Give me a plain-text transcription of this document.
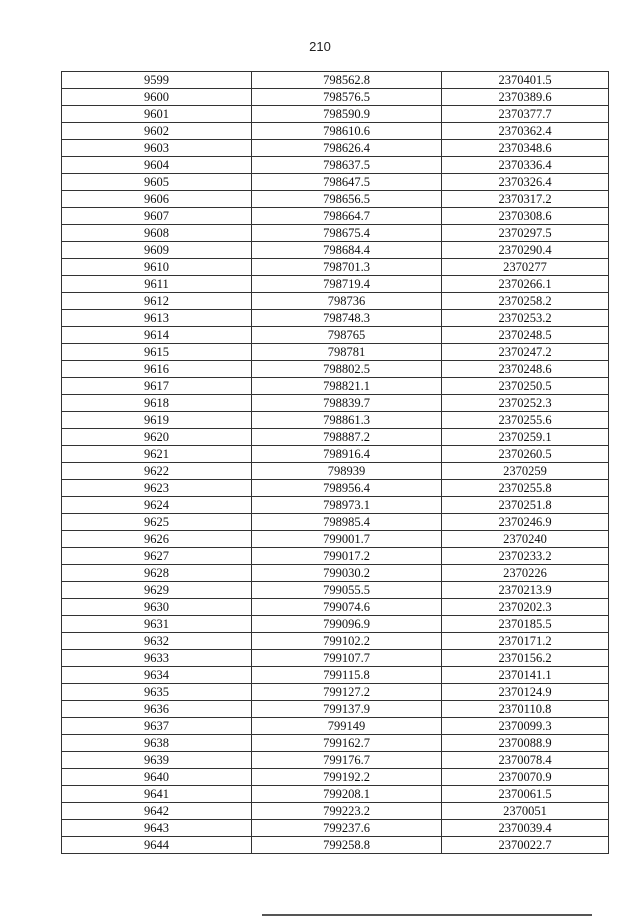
210
9599	798562.8	2370401.5
9600	798576.5	2370389.6
9601	798590.9	2370377.7
9602	798610.6	2370362.4
9603	798626.4	2370348.6
9604	798637.5	2370336.4
9605	798647.5	2370326.4
9606	798656.5	2370317.2
9607	798664.7	2370308.6
9608	798675.4	2370297.5
9609	798684.4	2370290.4
9610	798701.3	2370277
9611	798719.4	2370266.1
9612	798736	2370258.2
9613	798748.3	2370253.2
9614	798765	2370248.5
9615	798781	2370247.2
9616	798802.5	2370248.6
9617	798821.1	2370250.5
9618	798839.7	2370252.3
9619	798861.3	2370255.6
9620	798887.2	2370259.1
9621	798916.4	2370260.5
9622	798939	2370259
9623	798956.4	2370255.8
9624	798973.1	2370251.8
9625	798985.4	2370246.9
9626	799001.7	2370240
9627	799017.2	2370233.2
9628	799030.2	2370226
9629	799055.5	2370213.9
9630	799074.6	2370202.3
9631	799096.9	2370185.5
9632	799102.2	2370171.2
9633	799107.7	2370156.2
9634	799115.8	2370141.1
9635	799127.2	2370124.9
9636	799137.9	2370110.8
9637	799149	2370099.3
9638	799162.7	2370088.9
9639	799176.7	2370078.4
9640	799192.2	2370070.9
9641	799208.1	2370061.5
9642	799223.2	2370051
9643	799237.6	2370039.4
9644	799258.8	2370022.7
